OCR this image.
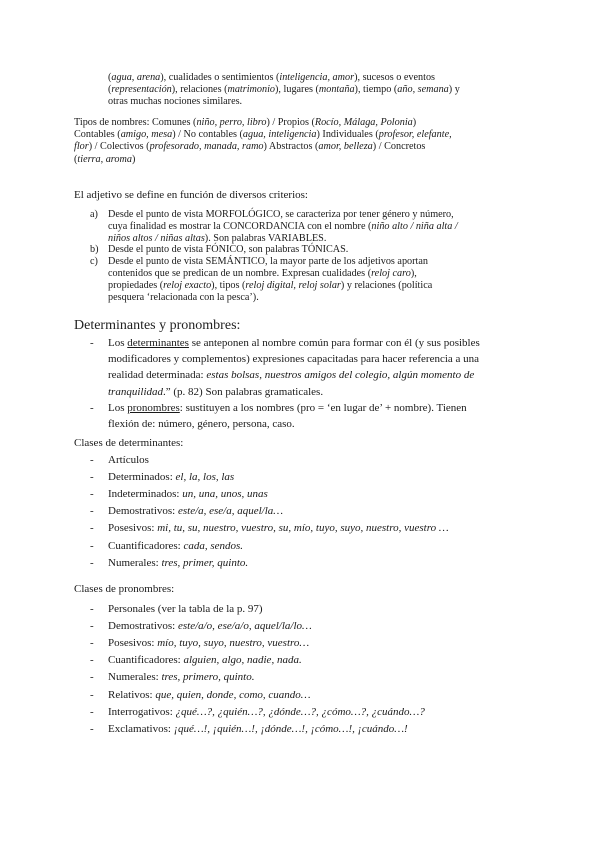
(agua, arena), cualidades o sentimientos (inteligencia, amor), sucesos o eventos
(representación), relaciones (matrimonio), lugares (montaña), tiempo (año, semana) y
otras muchas nociones similares.
Tipos de nombres: Comunes (niño, perro, libro) / Propios (Rocío, Málaga, Polonia)
Contables (amigo, mesa) / No contables (agua, inteligencia) Individuales (profesor, elefante,
flor) / Colectivos (profesorado, manada, ramo) Abstractos (amor, belleza) / Concretos
(tierra, aroma)
El adjetivo se define en función de diversos criterios:
a) Desde el punto de vista MORFOLÓGICO, se caracteriza por tener género y número,
cuya finalidad es mostrar la CONCORDANCIA con el nombre (niño alto / niña alta /
niños altos / niñas altas). Son palabras VARIABLES.
b) Desde el punto de vista FÓNICO, son palabras TÓNICAS.
c) Desde el punto de vista SEMÁNTICO, la mayor parte de los adjetivos aportan
contenidos que se predican de un nombre. Expresan cualidades (reloj caro),
propiedades (reloj exacto), tipos (reloj digital, reloj solar) y relaciones (política
pesquera ‘relacionada con la pesca’).
Determinantes y pronombres:
- Los determinantes se anteponen al nombre común para formar con él (y sus posibles
modificadores y complementos) expresiones capacitadas para hacer referencia a una
realidad determinada: estas bolsas, nuestros amigos del colegio, algún momento de
tranquilidad.” (p. 82) Son palabras gramaticales.
- Los pronombres: sustituyen a los nombres (pro = ‘en lugar de’ + nombre). Tienen
flexión de: número, género, persona, caso.
Clases de determinantes:
- Artículos
- Determinados: el, la, los, las
- Indeterminados: un, una, unos, unas
- Demostrativos: este/a, ese/a, aquel/la…
- Posesivos: mi, tu, su, nuestro, vuestro, su, mío, tuyo, suyo, nuestro, vuestro …
- Cuantificadores: cada, sendos.
- Numerales: tres, primer, quinto.
Clases de pronombres:
- Personales (ver la tabla de la p. 97)
- Demostrativos: este/a/o, ese/a/o, aquel/la/lo…
- Posesivos: mío, tuyo, suyo, nuestro, vuestro…
- Cuantificadores: alguien, algo, nadie, nada.
- Numerales: tres, primero, quinto.
- Relativos: que, quien, donde, como, cuando…
- Interrogativos: ¿qué…?, ¿quién…?, ¿dónde…?, ¿cómo…?, ¿cuándo…?
- Exclamativos: ¡qué…!, ¡quién…!, ¡dónde…!, ¡cómo…!, ¡cuándo…!
